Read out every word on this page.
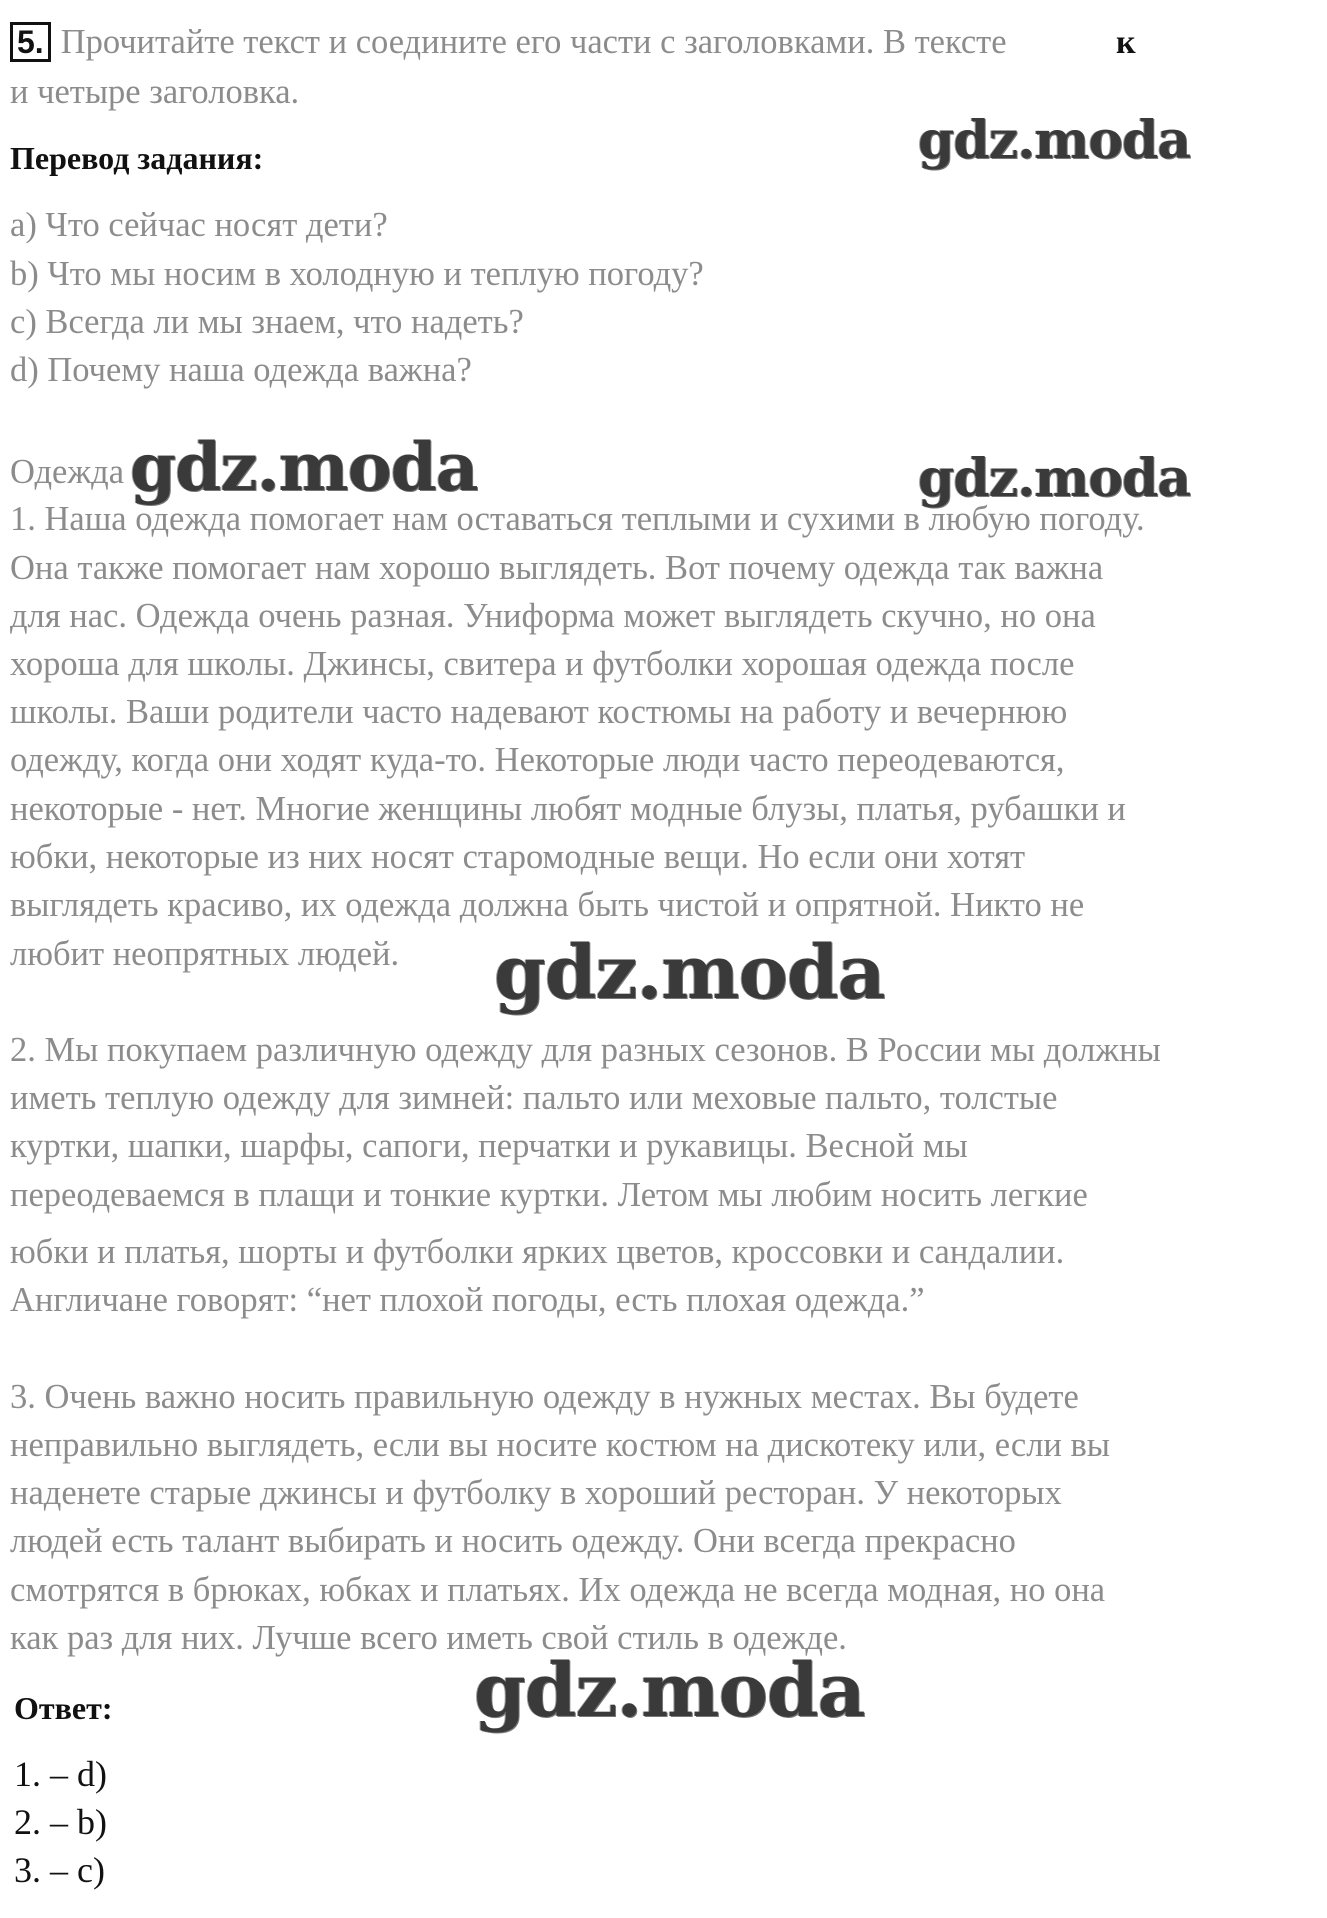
5. Прочитайте текст и соедините его части с заголовками. В тексте	к
и четыре заголовка.
Перевод задания:
a) Что сейчас носят дети?
b) Что мы носим в холодную и теплую погоду?
c) Всегда ли мы знаем, что надеть?
d) Почему наша одежда важна?
Одежда
1. Наша одежда помогает нам оставаться теплыми и сухими в любую погоду.
Она также помогает нам хорошо выглядеть. Вот почему одежда так важна
для нас. Одежда очень разная. Униформа может выглядеть скучно, но она
хороша для школы. Джинсы, свитера и футболки хорошая одежда после
школы. Ваши родители часто надевают костюмы на работу и вечернюю
одежду, когда они ходят куда-то. Некоторые люди часто переодеваются,
некоторые - нет. Многие женщины любят модные блузы, платья, рубашки и
юбки, некоторые из них носят старомодные вещи. Но если они хотят
выглядеть красиво, их одежда должна быть чистой и опрятной. Никто не
любит неопрятных людей.
2. Мы покупаем различную одежду для разных сезонов. В России мы должны
иметь теплую одежду для зимней: пальто или меховые пальто, толстые
куртки, шапки, шарфы, сапоги, перчатки и рукавицы. Весной мы
переодеваемся в плащи и тонкие куртки. Летом мы любим носить легкие
юбки и платья, шорты и футболки ярких цветов, кроссовки и сандалии.
Англичане говорят: “нет плохой погоды, есть плохая одежда.”
3. Очень важно носить правильную одежду в нужных местах. Вы будете
неправильно выглядеть, если вы носите костюм на дискотеку или, если вы
наденете старые джинсы и футболку в хороший ресторан. У некоторых
людей есть талант выбирать и носить одежду. Они всегда прекрасно
смотрятся в брюках, юбках и платьях. Их одежда не всегда модная, но она
как раз для них. Лучше всего иметь свой стиль в одежде.
Ответ:
1. – d)
2. – b)
3. – c)
gdz.moda
gdz.moda	gdz.moda
gdz.moda
gdz.moda
